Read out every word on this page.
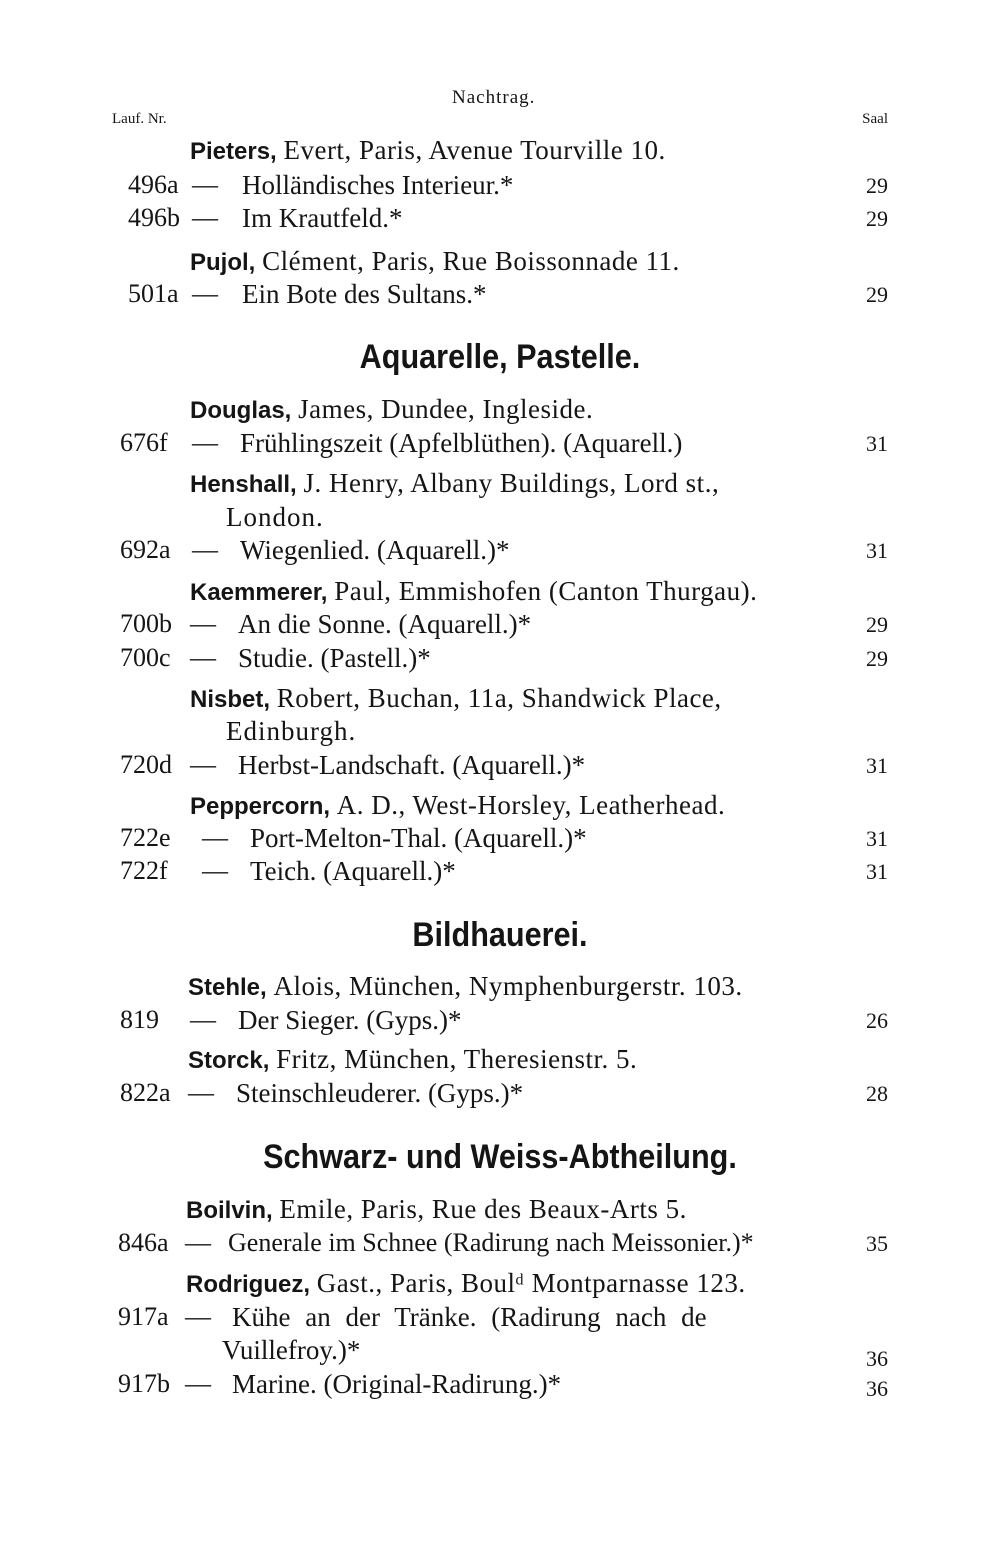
Nachtrag.
Lauf. Nr.	Saal
Pieters, Evert, Paris, Avenue Tourville 10.
496a — Holländisches Interieur.*	29
496b — Im Krautfeld.*	29
Pujol, Clément, Paris, Rue Boissonnade 11.
501a — Ein Bote des Sultans.*	29
Aquarelle, Pastelle.
Douglas, James, Dundee, Ingleside.
676f — Frühlingszeit (Apfelblüthen). (Aquarell.)	31
Henshall, J. Henry, Albany Buildings, Lord st.,
London.
692a — Wiegenlied. (Aquarell.)*	31
Kaemmerer, Paul, Emmishofen (Canton Thurgau).
700b — An die Sonne. (Aquarell.)*	29
700c — Studie. (Pastell.)*	29
Nisbet, Robert, Buchan, 11a, Shandwick Place,
Edinburgh.
720d — Herbst-Landschaft. (Aquarell.)*	31
Peppercorn, A. D., West-Horsley, Leatherhead.
722e — Port-Melton-Thal. (Aquarell.)*	31
722f — Teich. (Aquarell.)*	31
Bildhauerei.
Stehle, Alois, München, Nymphenburgerstr. 103.
819 — Der Sieger. (Gyps.)*	26
Storck, Fritz, München, Theresienstr. 5.
822a — Steinschleuderer. (Gyps.)*	28
Schwarz- und Weiss-Abtheilung.
Boilvin, Emile, Paris, Rue des Beaux-Arts 5.
846a — Generale im Schnee (Radirung nach Meissonier.)*	35
Rodriguez, Gast., Paris, Boulᵈ Montparnasse 123.
917a — Kühe an der Tränke. (Radirung nach de
Vuillefroy.)*	36
917b — Marine. (Original-Radirung.)*	36
